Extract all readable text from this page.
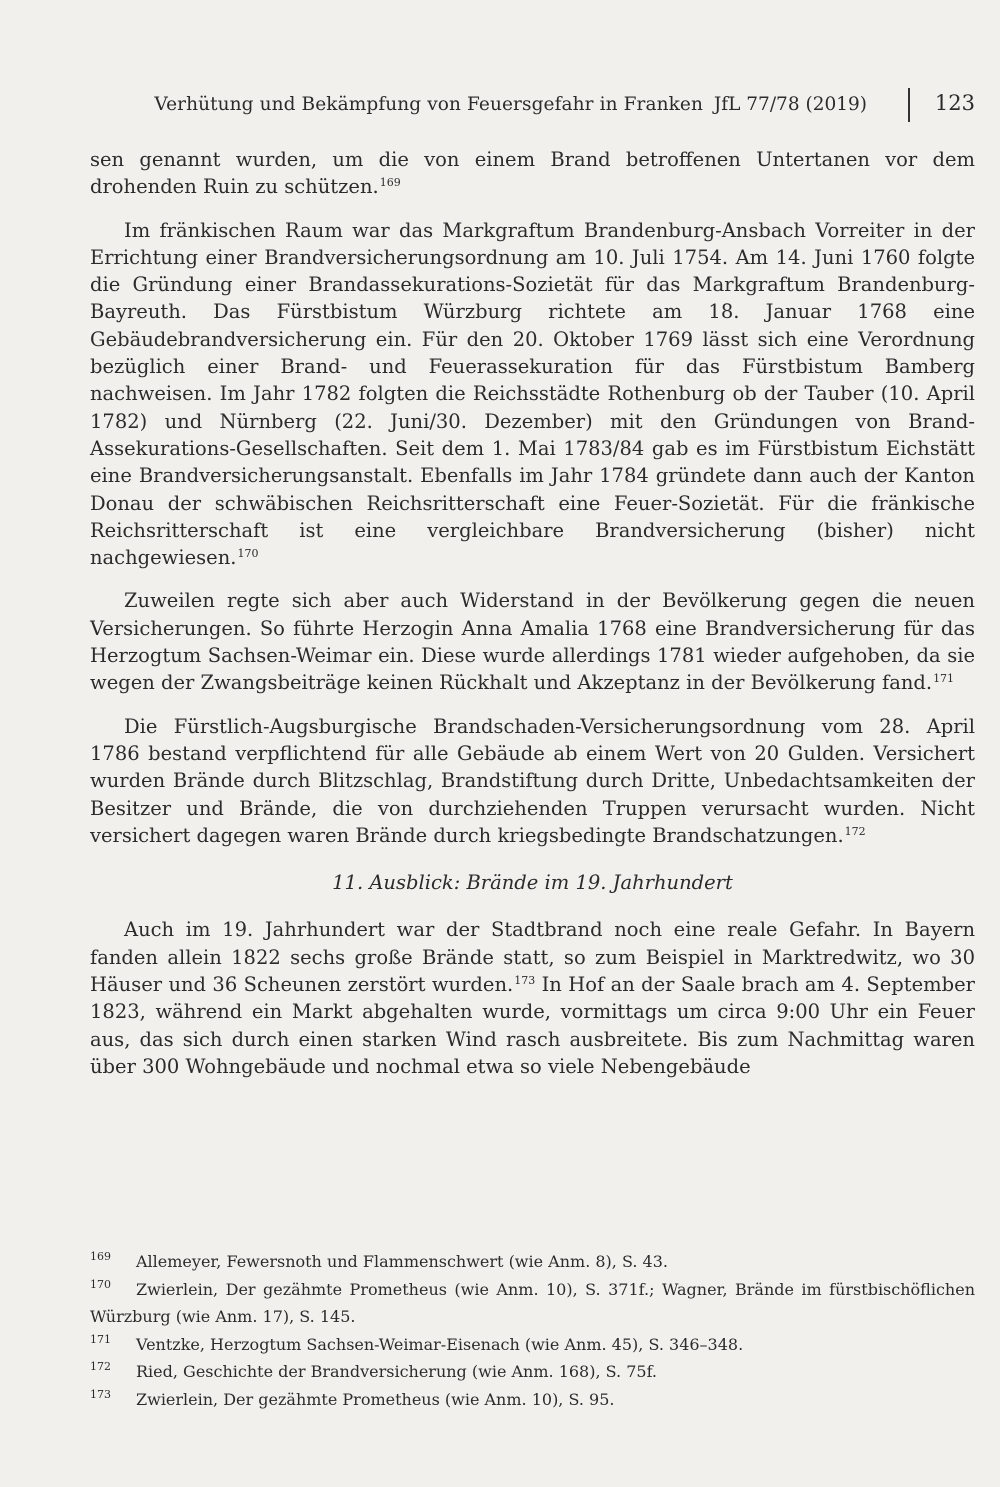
Verhütung und Bekämpfung von Feuersgefahr in Franken JfL 77/78 (2019)	123

sen genannt wurden, um die von einem Brand betroffenen Untertanen vor dem drohenden Ruin zu schützen.$^{169}$

Im fränkischen Raum war das Markgraftum Brandenburg-Ansbach Vorreiter in der Errichtung einer Brandversicherungsordnung am 10. Juli 1754. Am 14. Juni 1760 folgte die Gründung einer Brandassekurations-Sozietät für das Markgraftum Brandenburg-Bayreuth. Das Fürstbistum Würzburg richtete am 18. Januar 1768 eine Gebäudebrandversicherung ein. Für den 20. Oktober 1769 lässt sich eine Verordnung bezüglich einer Brand- und Feuerassekuration für das Fürstbistum Bamberg nachweisen. Im Jahr 1782 folgten die Reichsstädte Rothenburg ob der Tauber (10. April 1782) und Nürnberg (22. Juni/30. Dezember) mit den Gründungen von Brand-Assekurations-Gesellschaften. Seit dem 1. Mai 1783/84 gab es im Fürstbistum Eichstätt eine Brandversicherungsanstalt. Ebenfalls im Jahr 1784 gründete dann auch der Kanton Donau der schwäbischen Reichsritterschaft eine Feuer-Sozietät. Für die fränkische Reichsritterschaft ist eine vergleichbare Brandversicherung (bisher) nicht nachgewiesen.$^{170}$

Zuweilen regte sich aber auch Widerstand in der Bevölkerung gegen die neuen Versicherungen. So führte Herzogin Anna Amalia 1768 eine Brandversicherung für das Herzogtum Sachsen-Weimar ein. Diese wurde allerdings 1781 wieder aufgehoben, da sie wegen der Zwangsbeiträge keinen Rückhalt und Akzeptanz in der Bevölkerung fand.$^{171}$

Die Fürstlich-Augsburgische Brandschaden-Versicherungsordnung vom 28. April 1786 bestand verpflichtend für alle Gebäude ab einem Wert von 20 Gulden. Versichert wurden Brände durch Blitzschlag, Brandstiftung durch Dritte, Unbedachtsamkeiten der Besitzer und Brände, die von durchziehenden Truppen verursacht wurden. Nicht versichert dagegen waren Brände durch kriegsbedingte Brandschatzungen.$^{172}$

11. Ausblick: Brände im 19. Jahrhundert

Auch im 19. Jahrhundert war der Stadtbrand noch eine reale Gefahr. In Bayern fanden allein 1822 sechs große Brände statt, so zum Beispiel in Marktredwitz, wo 30 Häuser und 36 Scheunen zerstört wurden.$^{173}$ In Hof an der Saale brach am 4. September 1823, während ein Markt abgehalten wurde, vormittags um circa 9:00 Uhr ein Feuer aus, das sich durch einen starken Wind rasch ausbreitete. Bis zum Nachmittag waren über 300 Wohngebäude und nochmal etwa so viele Nebengebäude

169 Allemeyer, Fewersnoth und Flammenschwert (wie Anm. 8), S. 43.

170 Zwierlein, Der gezähmte Prometheus (wie Anm. 10), S. 371f.; Wagner, Brände im fürstbischöflichen Würzburg (wie Anm. 17), S. 145.

171 Ventzke, Herzogtum Sachsen-Weimar-Eisenach (wie Anm. 45), S. 346–348.

172 Ried, Geschichte der Brandversicherung (wie Anm. 168), S. 75f.

173 Zwierlein, Der gezähmte Prometheus (wie Anm. 10), S. 95.
